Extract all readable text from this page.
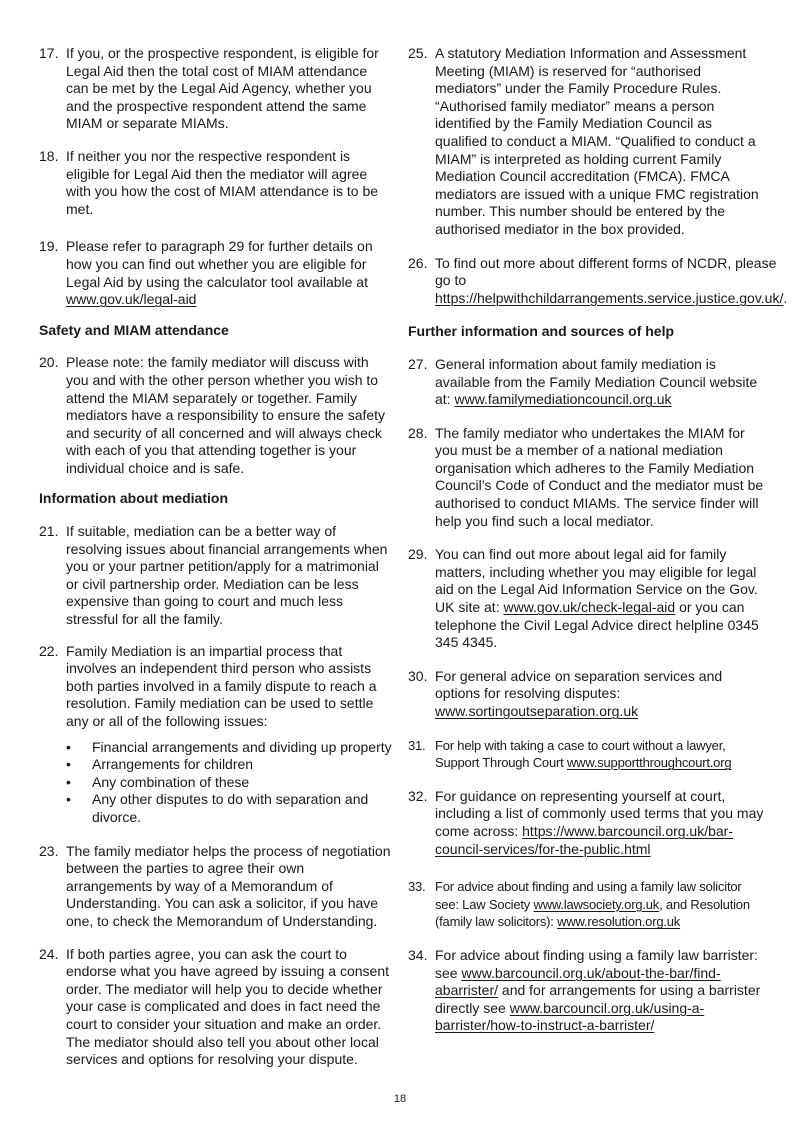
17. If you, or the prospective respondent, is eligible for Legal Aid then the total cost of MIAM attendance can be met by the Legal Aid Agency, whether you and the prospective respondent attend the same MIAM or separate MIAMs.
18. If neither you nor the respective respondent is eligible for Legal Aid then the mediator will agree with you how the cost of MIAM attendance is to be met.
19. Please refer to paragraph 29 for further details on how you can find out whether you are eligible for Legal Aid by using the calculator tool available at www.gov.uk/legal-aid
Safety and MIAM attendance
20. Please note: the family mediator will discuss with you and with the other person whether you wish to attend the MIAM separately or together. Family mediators have a responsibility to ensure the safety and security of all concerned and will always check with each of you that attending together is your individual choice and is safe.
Information about mediation
21. If suitable, mediation can be a better way of resolving issues about financial arrangements when you or your partner petition/apply for a matrimonial or civil partnership order. Mediation can be less expensive than going to court and much less stressful for all the family.
22. Family Mediation is an impartial process that involves an independent third person who assists both parties involved in a family dispute to reach a resolution. Family mediation can be used to settle any or all of the following issues:
•	Financial arrangements and dividing up property
•	Arrangements for children
•	Any combination of these
•	Any other disputes to do with separation and divorce.
23. The family mediator helps the process of negotiation between the parties to agree their own arrangements by way of a Memorandum of Understanding. You can ask a solicitor, if you have one, to check the Memorandum of Understanding.
24. If both parties agree, you can ask the court to endorse what you have agreed by issuing a consent order. The mediator will help you to decide whether your case is complicated and does in fact need the court to consider your situation and make an order. The mediator should also tell you about other local services and options for resolving your dispute.
25. A statutory Mediation Information and Assessment Meeting (MIAM) is reserved for “authorised mediators” under the Family Procedure Rules. “Authorised family mediator” means a person identified by the Family Mediation Council as qualified to conduct a MIAM. “Qualified to conduct a MIAM” is interpreted as holding current Family Mediation Council accreditation (FMCA). FMCA mediators are issued with a unique FMC registration number. This number should be entered by the authorised mediator in the box provided.
26. To find out more about different forms of NCDR, please go to https://helpwithchildarrangements.service.justice.gov.uk/.
Further information and sources of help
27. General information about family mediation is available from the Family Mediation Council website at: www.familymediationcouncil.org.uk
28. The family mediator who undertakes the MIAM for you must be a member of a national mediation organisation which adheres to the Family Mediation Council’s Code of Conduct and the mediator must be authorised to conduct MIAMs. The service finder will help you find such a local mediator.
29. You can find out more about legal aid for family matters, including whether you may eligible for legal aid on the Legal Aid Information Service on the Gov. UK site at: www.gov.uk/check-legal-aid or you can telephone the Civil Legal Advice direct helpline 0345 345 4345.
30. For general advice on separation services and options for resolving disputes: www.sortingoutseparation.org.uk
31. For help with taking a case to court without a lawyer, Support Through Court www.supportthroughcourt.org
32. For guidance on representing yourself at court, including a list of commonly used terms that you may come across: https://www.barcouncil.org.uk/bar-council-services/for-the-public.html
33. For advice about finding and using a family law solicitor see: Law Society www.lawsociety.org.uk, and Resolution (family law solicitors): www.resolution.org.uk
34. For advice about finding using a family law barrister: see www.barcouncil.org.uk/about-the-bar/find-abarrister/ and for arrangements for using a barrister directly see www.barcouncil.org.uk/using-a-barrister/how-to-instruct-a-barrister/
18
